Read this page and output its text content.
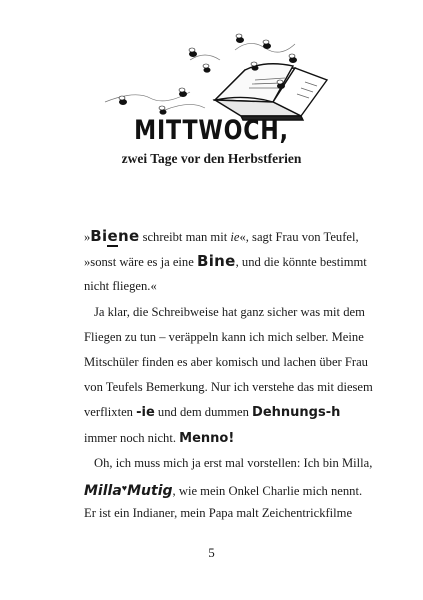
MITTWOCH,
zwei Tage vor den Herbstferien
»Biene schreibt man mit ie«, sagt Frau von Teufel,
»sonst wäre es ja eine Bine, und die könnte bestimmt
nicht fliegen.«
Ja klar, die Schreibweise hat ganz sicher was mit dem
Fliegen zu tun – veräppeln kann ich mich selber. Meine
Mitschüler finden es aber komisch und lachen über Frau
von Teufels Bemerkung. Nur ich verstehe das mit diesem
verflixten -ie und dem dummen Dehnungs-h
immer noch nicht. Menno!
Oh, ich muss mich ja erst mal vorstellen: Ich bin Milla,
Milla♥Mutig, wie mein Onkel Charlie mich nennt.
Er ist ein Indianer, mein Papa malt Zeichentrickfilme
5
